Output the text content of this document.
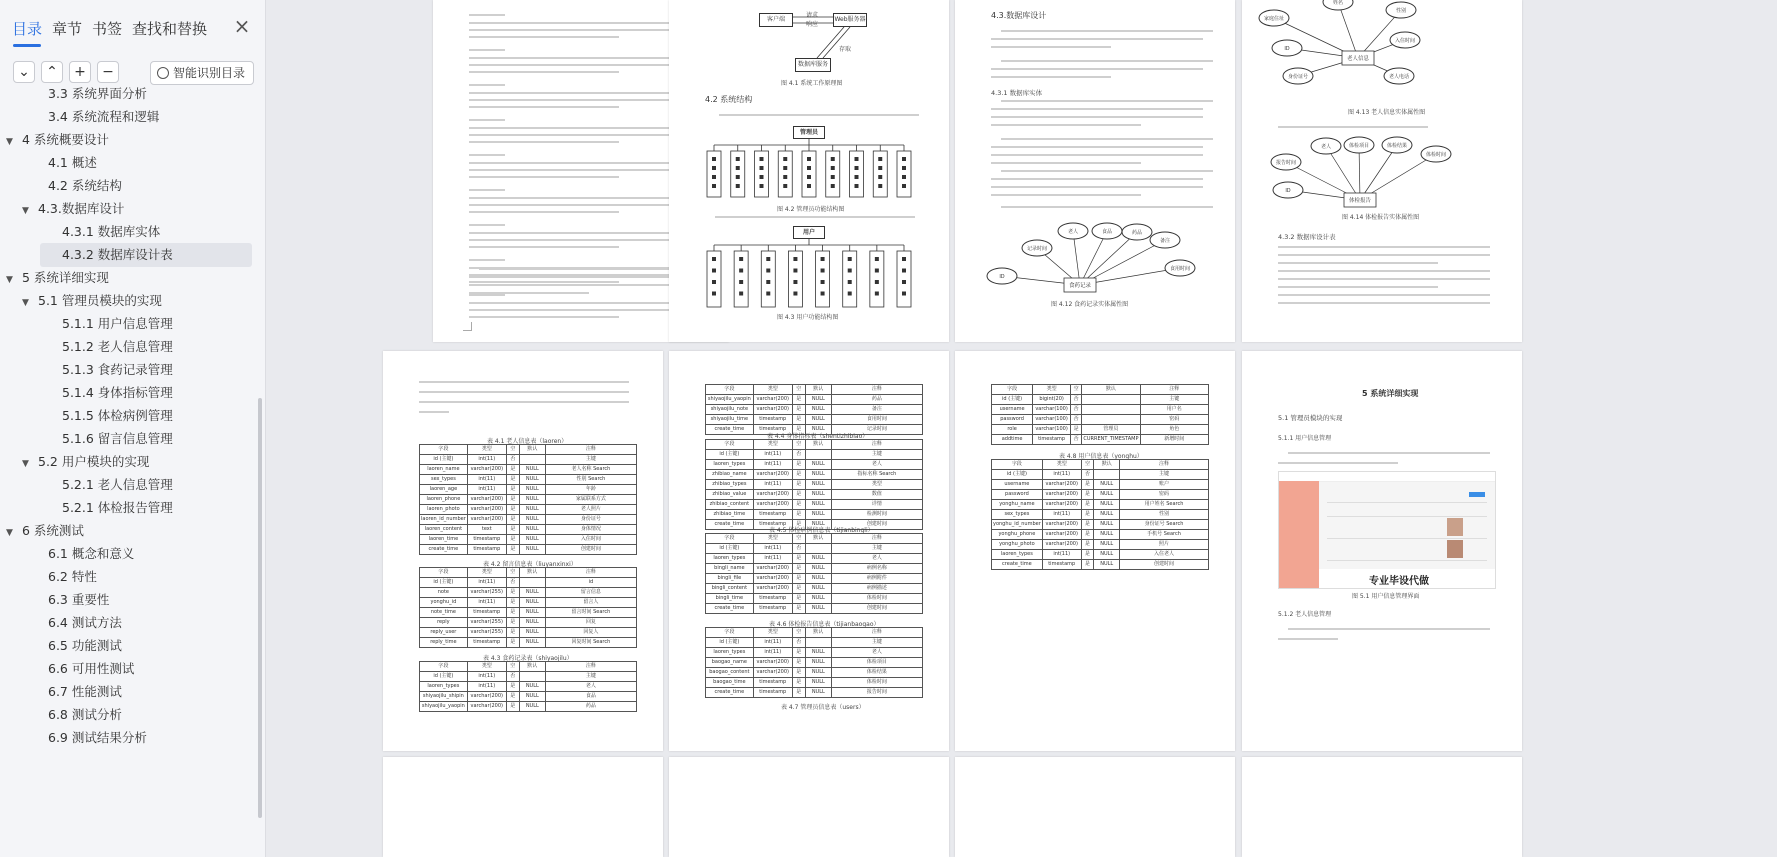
目录 章节 书签 查找和替换 ×
⌄	⌃	+	−	智能识别目录
3.3 系统界面分析
3.4 系统流程和逻辑
▼ 4 系统概要设计
4.1 概述
4.2 系统结构
▼ 4.3.数据库设计
4.3.1 数据库实体
4.3.2 数据库设计表
▼ 5 系统详细实现
▼ 5.1 管理员模块的实现
5.1.1 用户信息管理
5.1.2 老人信息管理
5.1.3 食药记录管理
5.1.4 身体指标管理
5.1.5 体检病例管理
5.1.6 留言信息管理
▼ 5.2 用户模块的实现
5.2.1 老人信息管理
5.2.1 体检报告管理
▼ 6 系统测试
6.1 概念和意义
6.2 特性
6.3 重要性
6.4 测试方法
6.5 功能测试
6.6 可用性测试
6.7 性能测试
6.8 测试分析
6.9 测试结果分析
客户端	Web服务器
数据库服务
请求
响应
存取
图 4.1 系统工作原理图
4.2 系统结构
管理员
图 4.2 管理员功能结构图
用户
图 4.3 用户功能结构图
4.3.数据库设计
4.3.1 数据库实体
老人	食品	药品
记录时间
ID
备注
食用时间
食药记录
图 4.12 食药记录实体属性图
姓名
性别
入住时间
ID
身份证号	老人电话
家庭住址
老人信息
图 4.13 老人信息实体属性图
老人	体检项目	体检结果
体检时间
ID
报告时间
体检报告
图 4.14 体检报告实体属性图
4.3.2 数据库设计表
表 4.1 老人信息表（laoren）
字段	类型	空	默认	注释
id (主键)	int(11)	否		主键
laoren_name	varchar(200)	是	NULL	老人名称 Search
sex_types	int(11)	是	NULL	性别 Search
laoren_age	int(11)	是	NULL	年龄
laoren_phone	varchar(200)	是	NULL	家属联系方式
laoren_photo	varchar(200)	是	NULL	老人照片
laoren_id_number	varchar(200)	是	NULL	身份证号
laoren_content	text	是	NULL	身体情况
laoren_time	timestamp	是	NULL	入住时间
create_time	timestamp	是	NULL	创建时间
表 4.2 留言信息表（liuyanxinxi）
字段	类型	空	默认	注释
id (主键)	int(11)	否		id
note	varchar(255)	是	NULL	留言信息
yonghu_id	int(11)	是	NULL	留言人
note_time	timestamp	是	NULL	留言时间 Search
reply	varchar(255)	是	NULL	回复
reply_user	varchar(255)	是	NULL	回复人
reply_time	timestamp	是	NULL	回复时间 Search
表 4.3 食药记录表（shiyaojilu）
字段	类型	空	默认	注释
id (主键)	int(11)	否		主键
laoren_types	int(11)	是	NULL	老人
shiyaojilu_shipin	varchar(200)	是	NULL	食品
shiyaojilu_yaopin	varchar(200)	是	NULL	药品
字段	类型	空	默认	注释
shiyaojilu_yaopin	varchar(200)	是	NULL	药品
shiyaojilu_note	varchar(200)	是	NULL	备注
shiyaojilu_time	timestamp	是	NULL	食用时间
create_time	timestamp	是	NULL	记录时间
表 4.4 身体指标表（shentizhibiao）
字段	类型	空	默认	注释
id (主键)	int(11)	否		主键
laoren_types	int(11)	是	NULL	老人
zhibiao_name	varchar(200)	是	NULL	指标名称 Search
zhibiao_types	int(11)	是	NULL	类型
zhibiao_value	varchar(200)	是	NULL	数值
zhibiao_content	varchar(200)	是	NULL	详情
zhibiao_time	timestamp	是	NULL	检测时间
create_time	timestamp	是	NULL	创建时间
表 4.5 体检病例信息表（tijianbingli）
字段	类型	空	默认	注释
id (主键)	int(11)	否		主键
laoren_types	int(11)	是	NULL	老人
bingli_name	varchar(200)	是	NULL	病例名称
bingli_file	varchar(200)	是	NULL	病例附件
bingli_content	varchar(200)	是	NULL	病例描述
bingli_time	timestamp	是	NULL	体检时间
create_time	timestamp	是	NULL	创建时间
表 4.6 体检报告信息表（tijianbaogao）
字段	类型	空	默认	注释
id (主键)	int(11)	否		主键
laoren_types	int(11)	是	NULL	老人
baogao_name	varchar(200)	是	NULL	体检项目
baogao_content	varchar(200)	是	NULL	体检结果
baogao_time	timestamp	是	NULL	体检时间
create_time	timestamp	是	NULL	报告时间
表 4.7 管理员信息表（users）
字段	类型	空	默认	注释
id (主键)	bigint(20)	否		主键
username	varchar(100)	否		用户名
password	varchar(100)	否		密码
role	varchar(100)	是	管理员	角色
addtime	timestamp	否	CURRENT_TIMESTAMP	新增时间
表 4.8 用户信息表（yonghu）
字段	类型	空	默认	注释
id (主键)	int(11)	否		主键
username	varchar(200)	是	NULL	账户
password	varchar(200)	是	NULL	密码
yonghu_name	varchar(200)	是	NULL	用户姓名 Search
sex_types	int(11)	是	NULL	性别
yonghu_id_number	varchar(200)	是	NULL	身份证号 Search
yonghu_phone	varchar(200)	是	NULL	手机号 Search
yonghu_photo	varchar(200)	是	NULL	照片
laoren_types	int(11)	是	NULL	入住老人
create_time	timestamp	是	NULL	创建时间
5 系统详细实现
5.1 管理员模块的实现
5.1.1 用户信息管理
专业毕设代做
图 5.1 用户信息管理界面
5.1.2 老人信息管理
